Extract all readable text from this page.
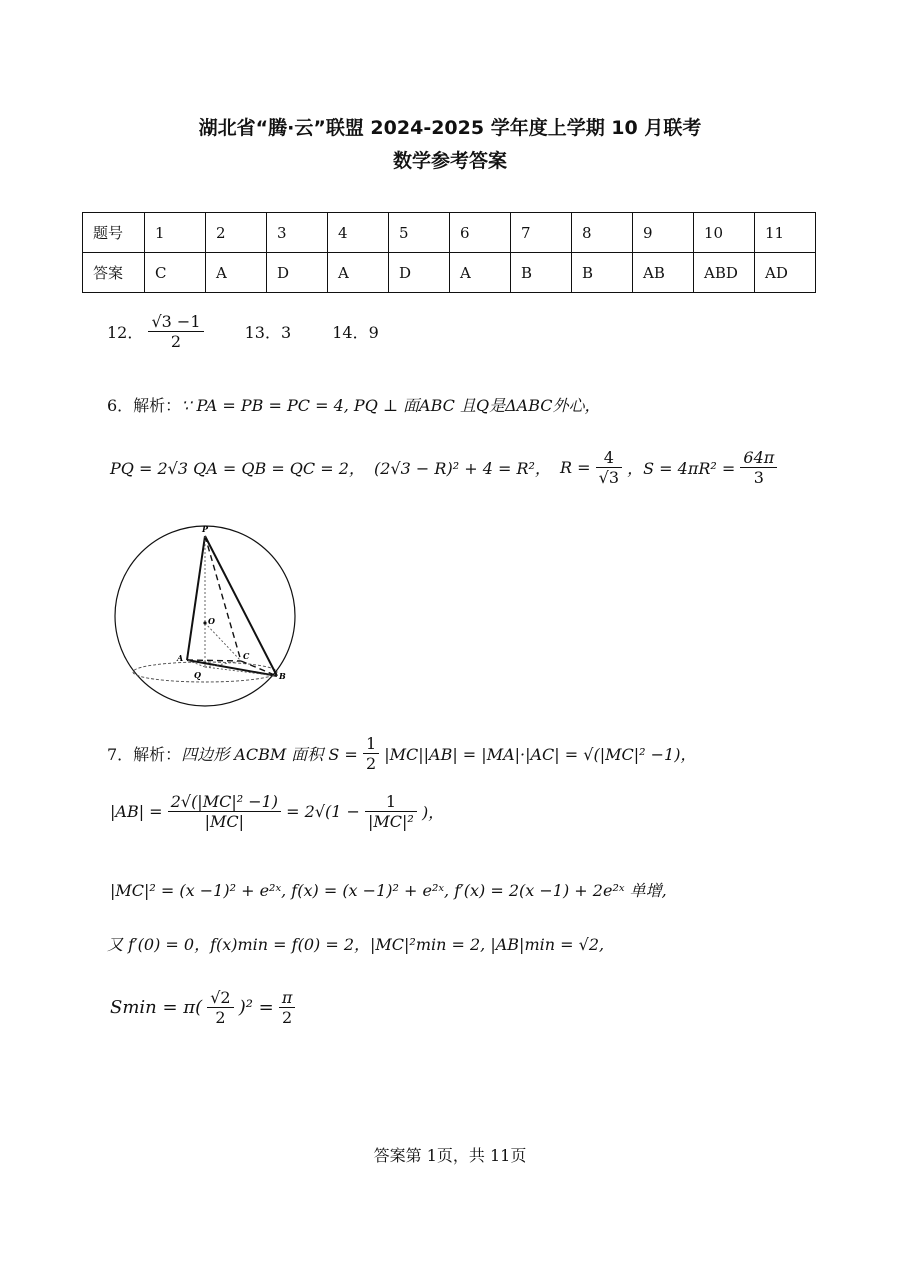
湖北省“腾·云”联盟 2024-2025 学年度上学期 10 月联考
数学参考答案
题号	1	2	3	4	5	6	7	8	9	10	11
答案	C	A	D	A	D	A	B	B	AB	ABD	AD
12． $\frac{√3 -1}{2}$	13．3	14．9
6．解析：∵ PA = PB = PC = 4, PQ ⊥ 面ABC 且Q是ΔABC外心，
PQ = 2√3 QA = QB = QC = 2， (2√3 − R)² + 4 = R²， $R = \frac{4}{√3}$ ，$S = 4\pi R^2 = \frac{64\pi}{3}$
P
O
A	C
Q	B
7．解析：四边形 ACBM 面积 $S = \frac{1}{2} |MC||AB| = |MA|\cdot|AC| = √(|MC|^2 -1)$，
$|AB| = \frac{\text{2√(|MC|² −1)}}{|MC|} = 2√(1 - \frac{1}{\text{|MC|²}}$ )，
|MC|² = (x −1)² + e²ˣ, f(x) = (x −1)² + e²ˣ, f′(x) = 2(x −1) + 2e²ˣ 单增,
又 f′(0) = 0，f(x)min = f(0) = 2，|MC|²min = 2, |AB|min = √2,
$Smin = \pi( \frac{√2}{2} )^2 = \frac{\pi}{2}$
答案第 1页，共 11页
